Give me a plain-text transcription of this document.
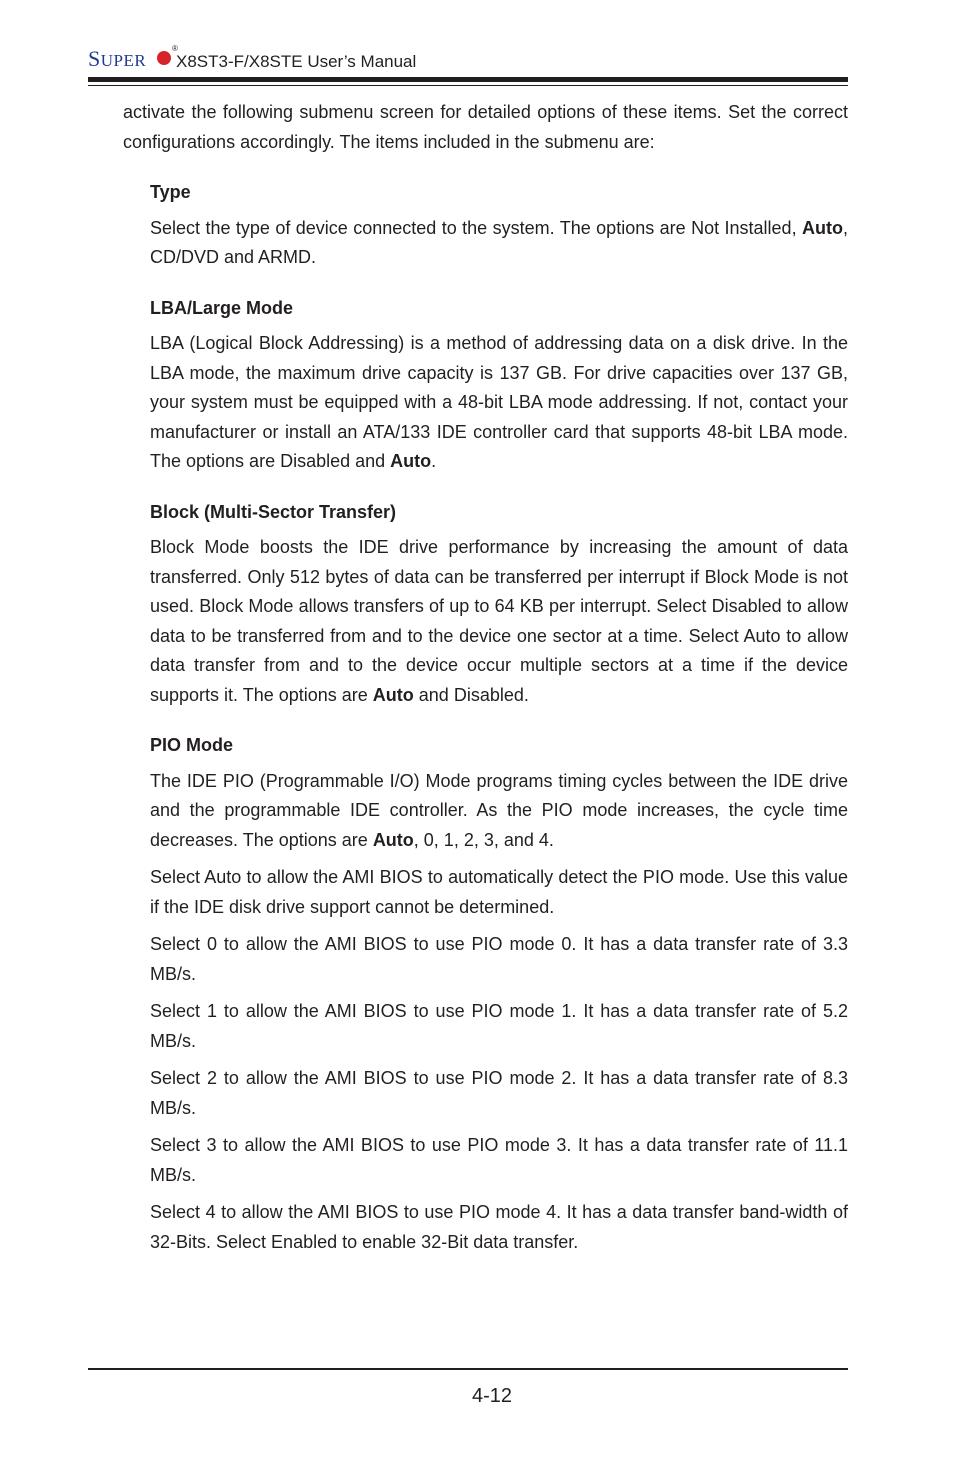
SUPER
®
X8ST3-F/X8STE User’s Manual

activate the following submenu screen for detailed options of these items. Set the correct configurations accordingly. The items included in the submenu are:

Type

Select the type of device connected to the system. The options are Not Installed, Auto, CD/DVD and ARMD.

LBA/Large Mode

LBA (Logical Block Addressing) is a method of addressing data on a disk drive. In the LBA mode, the maximum drive capacity is 137 GB. For drive capacities over 137 GB, your system must be equipped with a 48-bit LBA mode addressing. If not, contact your manufacturer or install an ATA/133 IDE controller card that supports 48-bit LBA mode. The options are Disabled and Auto.

Block (Multi-Sector Transfer)

Block Mode boosts the IDE drive performance by increasing the amount of data transferred. Only 512 bytes of data can be transferred per interrupt if Block Mode is not used. Block Mode allows transfers of up to 64 KB per interrupt. Select Disabled to allow data to be transferred from and to the device one sector at a time. Select Auto to allow data transfer from and to the device occur multiple sectors at a time if the device supports it. The options are Auto and Disabled.

PIO Mode

The IDE PIO (Programmable I/O) Mode programs timing cycles between the IDE drive and the programmable IDE controller. As the PIO mode increases, the cycle time decreases. The options are Auto, 0, 1, 2, 3, and 4.

Select Auto to allow the AMI BIOS to automatically detect the PIO mode. Use this value if the IDE disk drive support cannot be determined.

Select 0 to allow the AMI BIOS to use PIO mode 0. It has a data transfer rate of 3.3 MB/s.

Select 1 to allow the AMI BIOS to use PIO mode 1. It has a data transfer rate of 5.2 MB/s.

Select 2 to allow the AMI BIOS to use PIO mode 2. It has a data transfer rate of 8.3 MB/s.

Select 3 to allow the AMI BIOS to use PIO mode 3. It has a data transfer rate of 11.1 MB/s.

Select 4 to allow the AMI BIOS to use PIO mode 4. It has a data transfer band-width of 32-Bits. Select Enabled to enable 32-Bit data transfer.

4-12
